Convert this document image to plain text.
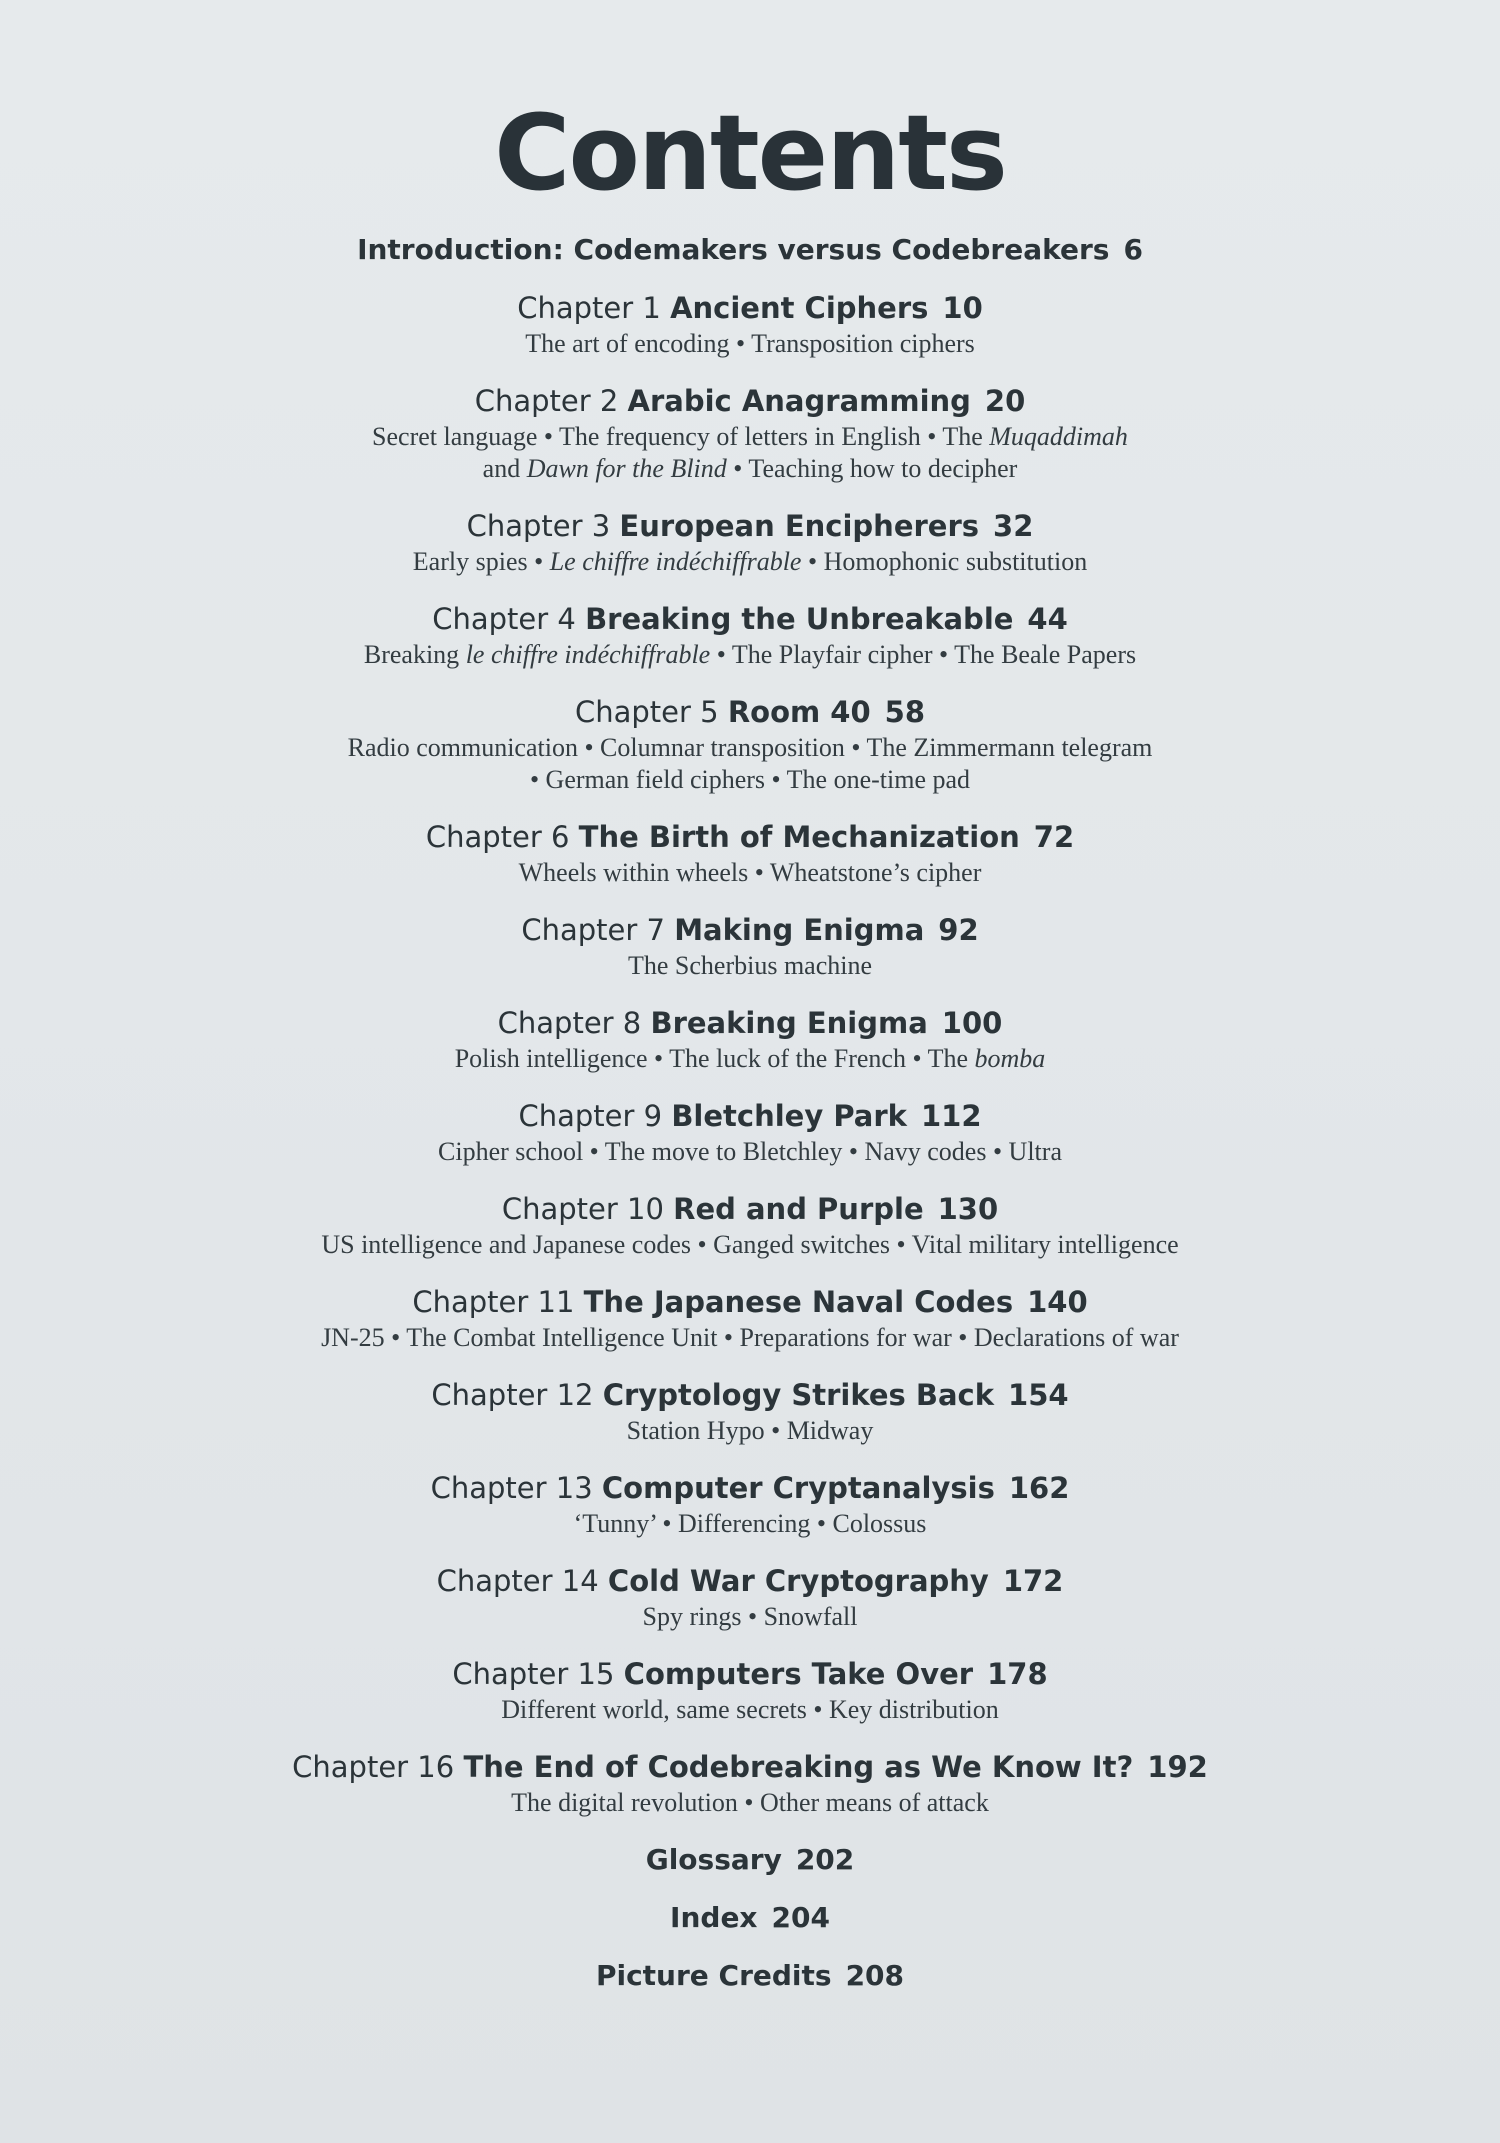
Contents
Introduction: Codemakers versus Codebreakers 6
Chapter 1 Ancient Ciphers 10
The art of encoding • Transposition ciphers
Chapter 2 Arabic Anagramming 20
Secret language • The frequency of letters in English • The Muqaddimah
and Dawn for the Blind • Teaching how to decipher
Chapter 3 European Encipherers 32
Early spies • Le chiffre indéchiffrable • Homophonic substitution
Chapter 4 Breaking the Unbreakable 44
Breaking le chiffre indéchiffrable • The Playfair cipher • The Beale Papers
Chapter 5 Room 40 58
Radio communication • Columnar transposition • The Zimmermann telegram
• German field ciphers • The one-time pad
Chapter 6 The Birth of Mechanization 72
Wheels within wheels • Wheatstone’s cipher
Chapter 7 Making Enigma 92
The Scherbius machine
Chapter 8 Breaking Enigma 100
Polish intelligence • The luck of the French • The bomba
Chapter 9 Bletchley Park 112
Cipher school • The move to Bletchley • Navy codes • Ultra
Chapter 10 Red and Purple 130
US intelligence and Japanese codes • Ganged switches • Vital military intelligence
Chapter 11 The Japanese Naval Codes 140
JN-25 • The Combat Intelligence Unit • Preparations for war • Declarations of war
Chapter 12 Cryptology Strikes Back 154
Station Hypo • Midway
Chapter 13 Computer Cryptanalysis 162
‘Tunny’ • Differencing • Colossus
Chapter 14 Cold War Cryptography 172
Spy rings • Snowfall
Chapter 15 Computers Take Over 178
Different world, same secrets • Key distribution
Chapter 16 The End of Codebreaking as We Know It? 192
The digital revolution • Other means of attack
Glossary 202
Index 204
Picture Credits 208
